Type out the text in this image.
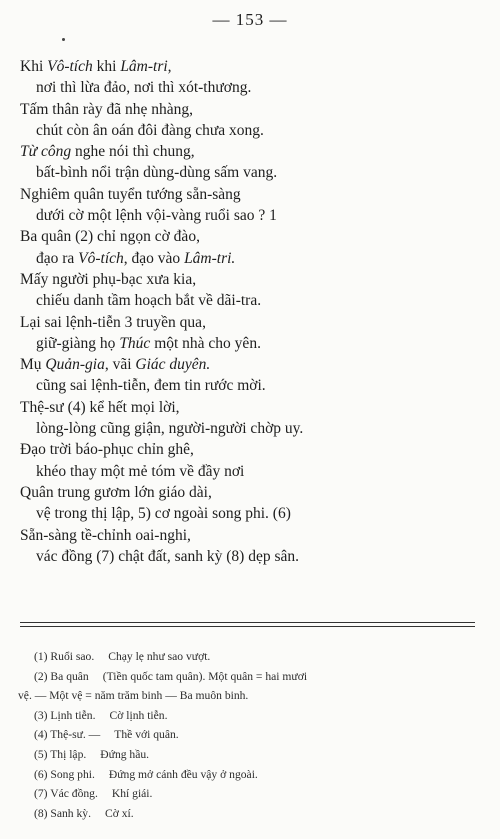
— 153 —
Khi Vô-tích khi Lâm-tri,
nơi thì lừa đảo, nơi thì xót-thương.
Tấm thân rày đã nhẹ nhàng,
chút còn ân oán đôi đàng chưa xong.
Từ công nghe nói thì chung,
bất-bình nổi trận dùng-dùng sấm vang.
Nghiêm quân tuyển tướng sẵn-sàng
dưới cờ một lệnh vội-vàng ruổi sao ? 1
Ba quân (2) chỉ ngọn cờ đào,
đạo ra Vô-tích, đạo vào Lâm-tri.
Mấy người phụ-bạc xưa kia,
chiếu danh tầm hoạch bắt về dãi-tra.
Lại sai lệnh-tiễn 3 truyền qua,
giữ-giàng họ Thúc một nhà cho yên.
Mụ Quản-gia, vãi Giác duyên.
cũng sai lệnh-tiễn, đem tin rước mời.
Thệ-sư (4) kể hết mọi lời,
lòng-lòng cũng giận, người-người chờp uy.
Đạo trời báo-phục chỉn ghê,
khéo thay một mẻ tóm về đầy nơi
Quân trung gươm lớn giáo dài,
vệ trong thị lập, 5) cơ ngoài song phi. (6)
Sẵn-sàng tề-chỉnh oai-nghi,
vác đồng (7) chật đất, sanh kỳ (8) dẹp sân.
(1) Ruổi sao. Chạy lẹ như sao vượt.
(2) Ba quân (Tiền quốc tam quân). Một quân = hai mươi
vệ. — Một vệ = năm trăm binh — Ba muôn binh.
(3) Lịnh tiễn. Cờ lịnh tiễn.
(4) Thệ-sư. — Thề với quân.
(5) Thị lập. Đứng hầu.
(6) Song phi. Đứng mở cánh đều vậy ở ngoài.
(7) Vác đồng. Khí giái.
(8) Sanh kỳ. Cờ xí.
